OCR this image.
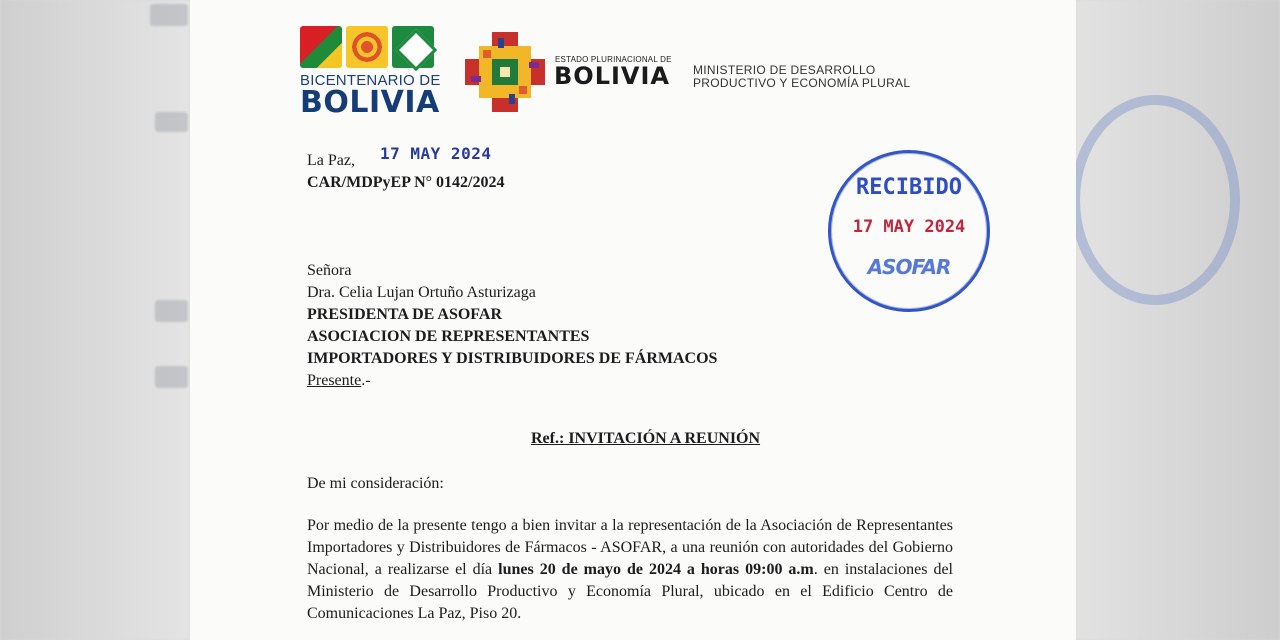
BICENTENARIO DE
BOLIVIA
ESTADO PLURINACIONAL DE
BOLIVIA MINISTERIO DE DESARROLLO
PRODUCTIVO Y ECONOMÍA PLURAL
La Paz, 17 MAY 2024
CAR/MDPyEP N° 0142/2024	RECIBIDO
17 MAY 2024
ASOFAR
Señora
Dra. Celia Lujan Ortuño Asturizaga
PRESIDENTA DE ASOFAR
ASOCIACION DE REPRESENTANTES
IMPORTADORES Y DISTRIBUIDORES DE FÁRMACOS
Presente.-
Ref.: INVITACIÓN A REUNIÓN
De mi consideración:
Por medio de la presente tengo a bien invitar a la representación de la Asociación de Representantes Importadores y Distribuidores de Fármacos - ASOFAR, a una reunión con autoridades del Gobierno Nacional, a realizarse el día lunes 20 de mayo de 2024 a horas 09:00 a.m. en instalaciones del Ministerio de Desarrollo Productivo y Economía Plural, ubicado en el Edificio Centro de Comunicaciones La Paz, Piso 20.
